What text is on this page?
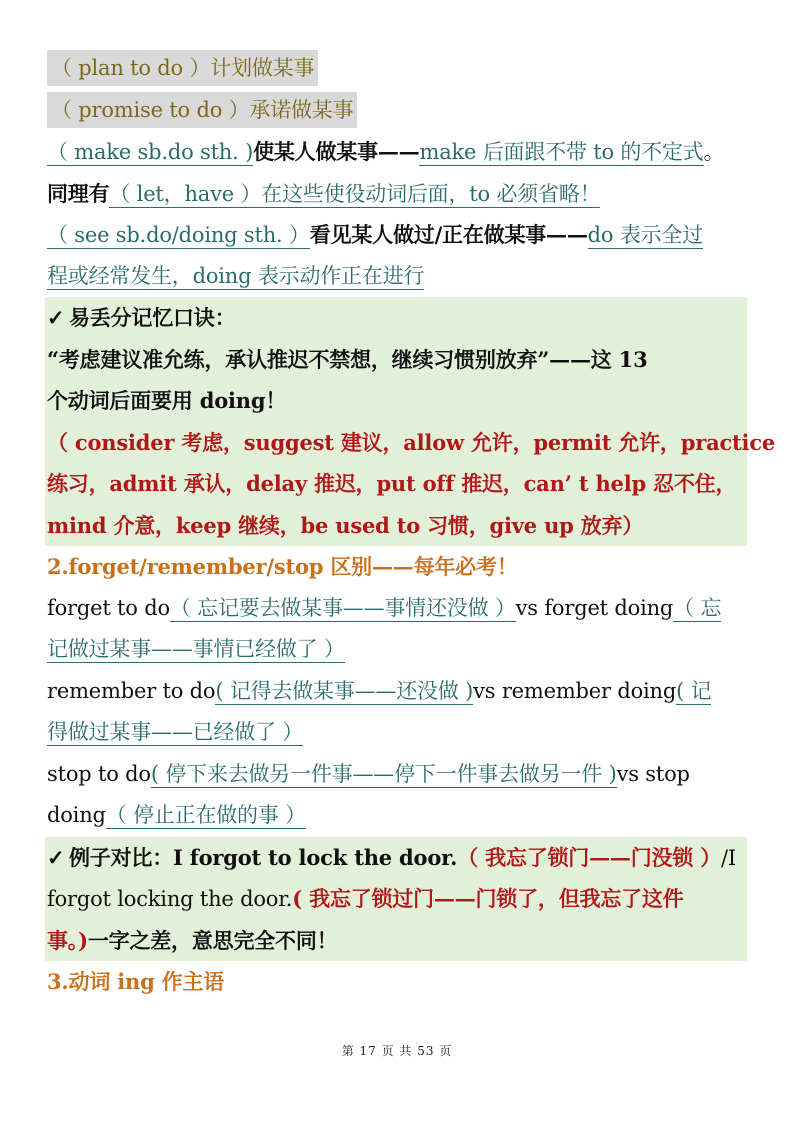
（ plan to do ）计划做某事
（ promise to do ）承诺做某事
（ make sb.do sth. )使某人做某事——make 后面跟不带 to 的不定式。
同理有（ let，have ）在这些使役动词后面，to 必须省略！
（ see sb.do/doing sth. ）看见某人做过/正在做某事——do 表示全过
程或经常发生，doing 表示动作正在进行
✓ 易丢分记忆口诀：
“考虑建议准允练，承认推迟不禁想，继续习惯别放弃”——这 13
个动词后面要用 doing！
（ consider 考虑，suggest 建议，allow 允许，permit 允许，practice
练习，admit 承认，delay 推迟，put off 推迟，can’ t help 忍不住，
mind 介意，keep 继续，be used to 习惯，give up 放弃）
2.forget/remember/stop 区别——每年必考！
forget to do（ 忘记要去做某事——事情还没做 ）vs forget doing（ 忘
记做过某事——事情已经做了 ）
remember to do( 记得去做某事——还没做 )vs remember doing( 记
得做过某事——已经做了 ）
stop to do( 停下来去做另一件事——停下一件事去做另一件 )vs stop
doing（ 停止正在做的事 ）
✓ 例子对比：I forgot to lock the door.（ 我忘了锁门——门没锁 ）/I
forgot locking the door.( 我忘了锁过门——门锁了，但我忘了这件
事。)一字之差，意思完全不同！
3.动词 ing 作主语
第 17 页 共 53 页
